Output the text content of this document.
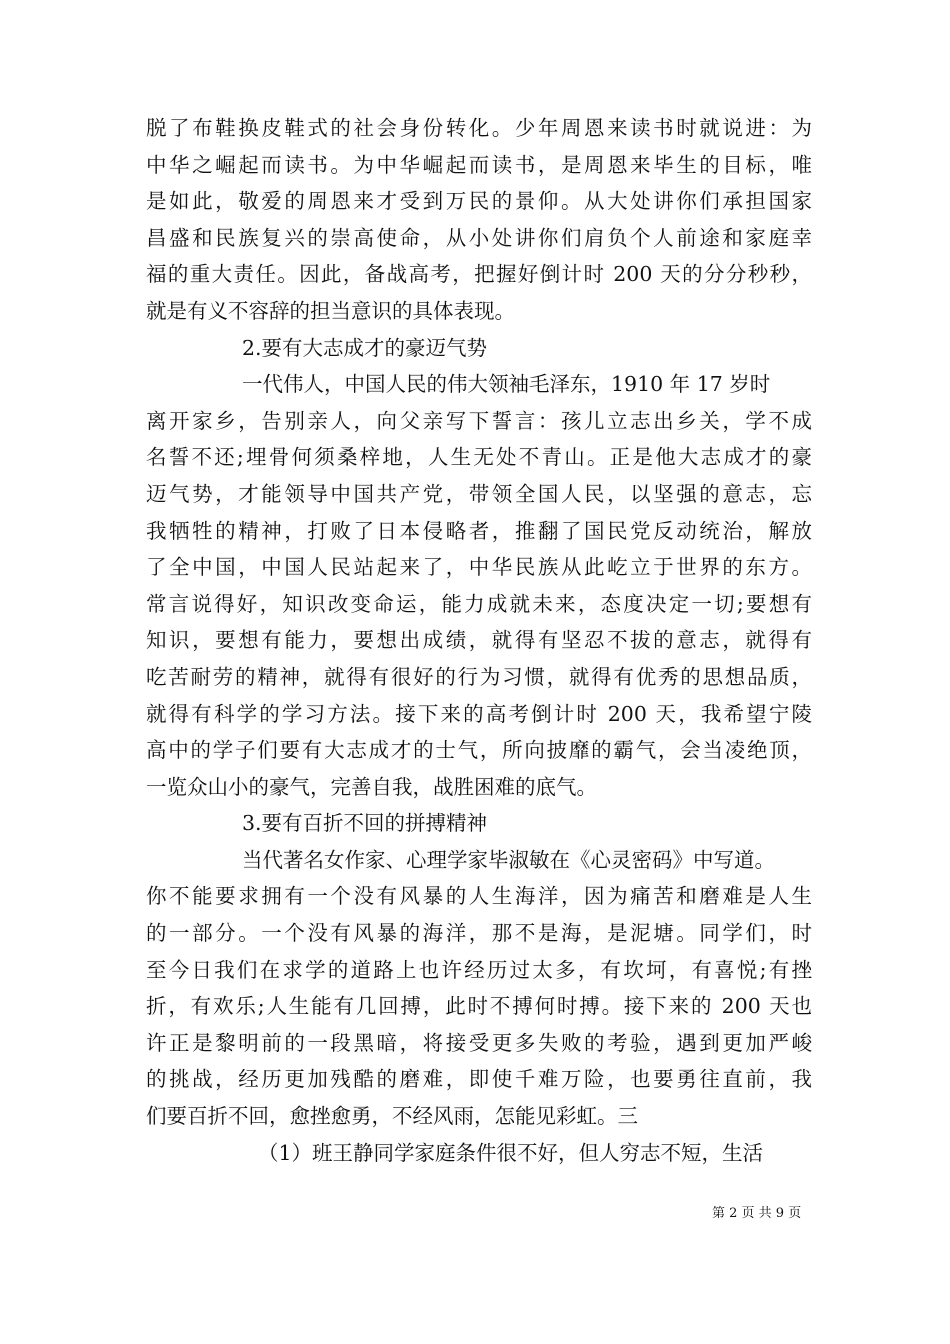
脱了布鞋换皮鞋式的社会身份转化。少年周恩来读书时就说进：为
中华之崛起而读书。为中华崛起而读书，是周恩来毕生的目标，唯
是如此，敬爱的周恩来才受到万民的景仰。从大处讲你们承担国家
昌盛和民族复兴的崇高使命，从小处讲你们肩负个人前途和家庭幸
福的重大责任。因此，备战高考，把握好倒计时 200 天的分分秒秒，
就是有义不容辞的担当意识的具体表现。
2.要有大志成才的豪迈气势
一代伟人，中国人民的伟大领袖毛泽东，1910 年 17 岁时
离开家乡，告别亲人，向父亲写下誓言：孩儿立志出乡关，学不成
名誓不还;埋骨何须桑梓地，人生无处不青山。正是他大志成才的豪
迈气势，才能领导中国共产党，带领全国人民，以坚强的意志，忘
我牺牲的精神，打败了日本侵略者，推翻了国民党反动统治，解放
了全中国，中国人民站起来了，中华民族从此屹立于世界的东方。
常言说得好，知识改变命运，能力成就未来，态度决定一切;要想有
知识，要想有能力，要想出成绩，就得有坚忍不拔的意志，就得有
吃苦耐劳的精神，就得有很好的行为习惯，就得有优秀的思想品质，
就得有科学的学习方法。接下来的高考倒计时 200 天，我希望宁陵
高中的学子们要有大志成才的士气，所向披靡的霸气，会当凌绝顶，
一览众山小的豪气，完善自我，战胜困难的底气。
3.要有百折不回的拼搏精神
当代著名女作家、心理学家毕淑敏在《心灵密码》中写道。
你不能要求拥有一个没有风暴的人生海洋，因为痛苦和磨难是人生
的一部分。一个没有风暴的海洋，那不是海，是泥塘。同学们，时
至今日我们在求学的道路上也许经历过太多，有坎坷，有喜悦;有挫
折，有欢乐;人生能有几回搏，此时不搏何时搏。接下来的 200 天也
许正是黎明前的一段黑暗，将接受更多失败的考验，遇到更加严峻
的挑战，经历更加残酷的磨难，即使千难万险，也要勇往直前，我
们要百折不回，愈挫愈勇，不经风雨，怎能见彩虹。三
（1）班王静同学家庭条件很不好，但人穷志不短，生活
第 2 页 共 9 页
